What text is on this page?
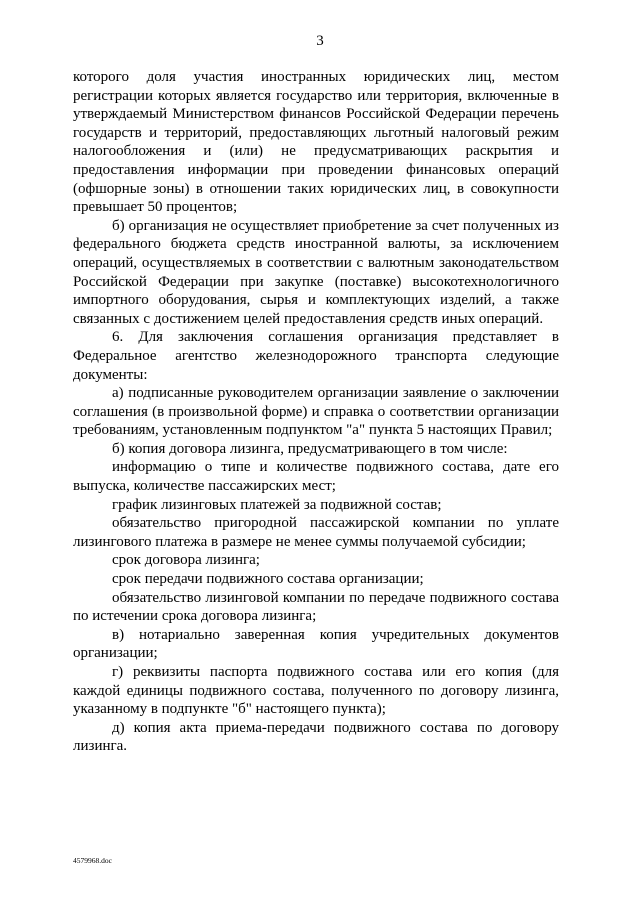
3

которого доля участия иностранных юридических лиц, местом регистрации которых является государство или территория, включенные в утверждаемый Министерством финансов Российской Федерации перечень государств и территорий, предоставляющих льготный налоговый режим налогообложения и (или) не предусматривающих раскрытия и предоставления информации при проведении финансовых операций (офшорные зоны) в отношении таких юридических лиц, в совокупности превышает 50 процентов;

б) организация не осуществляет приобретение за счет полученных из федерального бюджета средств иностранной валюты, за исключением операций, осуществляемых в соответствии с валютным законодательством Российской Федерации при закупке (поставке) высокотехнологичного импортного оборудования, сырья и комплектующих изделий, а также связанных с достижением целей предоставления средств иных операций.

6. Для заключения соглашения организация представляет в Федеральное агентство железнодорожного транспорта следующие документы:

а) подписанные руководителем организации заявление о заключении соглашения (в произвольной форме) и справка о соответствии организации требованиям, установленным подпунктом "а" пункта 5 настоящих Правил;

б) копия договора лизинга, предусматривающего в том числе:

информацию о типе и количестве подвижного состава, дате его выпуска, количестве пассажирских мест;

график лизинговых платежей за подвижной состав;

обязательство пригородной пассажирской компании по уплате лизингового платежа в размере не менее суммы получаемой субсидии;

срок договора лизинга;

срок передачи подвижного состава организации;

обязательство лизинговой компании по передаче подвижного состава по истечении срока договора лизинга;

в) нотариально заверенная копия учредительных документов организации;

г) реквизиты паспорта подвижного состава или его копия (для каждой единицы подвижного состава, полученного по договору лизинга, указанному в подпункте "б" настоящего пункта);

д) копия акта приема-передачи подвижного состава по договору лизинга.

4579968.doc
